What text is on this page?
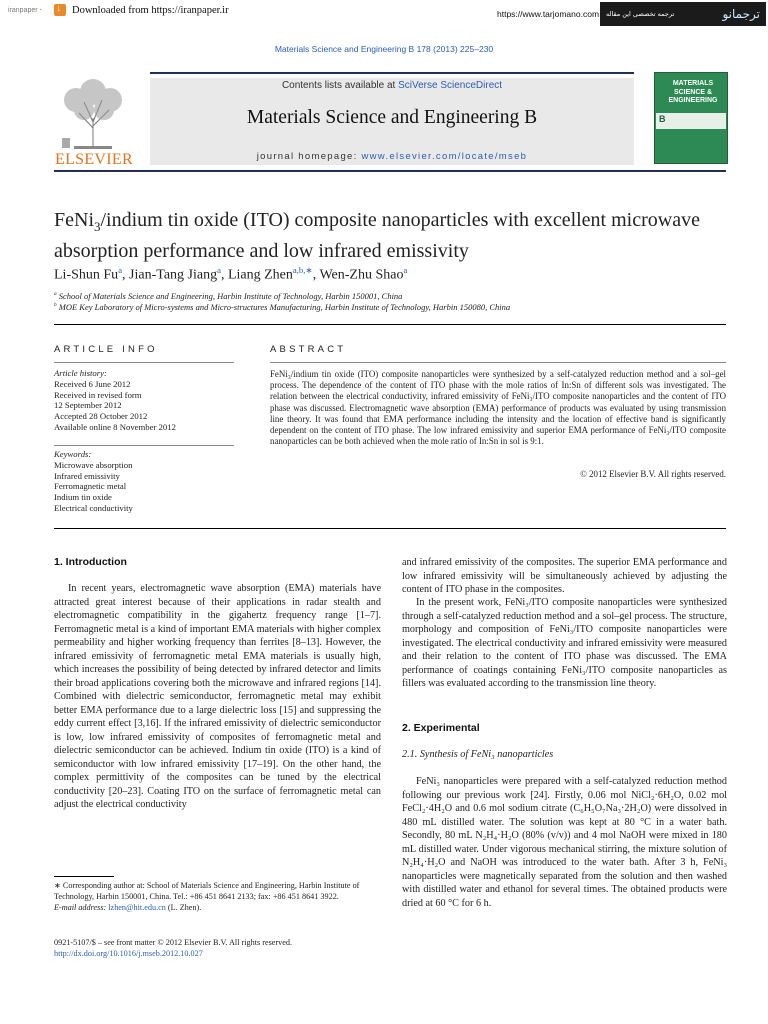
iranpaper ·
↓	Downloaded from https://iranpaper.ir	https://www.tarjomano.com ترجمه تخصصی این مقاله	ترجمانو
Materials Science and Engineering B 178 (2013) 225–230
ELSEVIER
Contents lists available at SciVerse ScienceDirect
Materials Science and Engineering B
journal homepage: www.elsevier.com/locate/mseb
MATERIALS SCIENCE & ENGINEERING
B
FeNi$_3$/indium tin oxide (ITO) composite nanoparticles with excellent microwave absorption performance and low infrared emissivity
Li-Shun Fu$^a$, Jian-Tang Jiang$^a$, Liang Zhen$^{a,b,∗}$, Wen-Zhu Shao$^a$
$^a$ School of Materials Science and Engineering, Harbin Institute of Technology, Harbin 150001, China
$^b$ MOE Key Laboratory of Micro-systems and Micro-structures Manufacturing, Harbin Institute of Technology, Harbin 150080, China
ARTICLE INFO
Article history:
Received 6 June 2012
Received in revised form
12 September 2012
Accepted 28 October 2012
Available online 8 November 2012
Keywords:
Microwave absorption
Infrared emissivity
Ferromagnetic metal
Indium tin oxide
Electrical conductivity
ABSTRACT
FeNi₃/indium tin oxide (ITO) composite nanoparticles were synthesized by a self-catalyzed reduction method and a sol–gel process. The dependence of the content of ITO phase with the mole ratios of In:Sn of different sols was investigated. The relation between the electrical conductivity, infrared emissivity of FeNi₃/ITO composite nanoparticles and the content of ITO phase was discussed. Electromagnetic wave absorption (EMA) performance of products was evaluated by using transmission line theory. It was found that EMA performance including the intensity and the location of effective band is significantly dependent on the content of ITO phase. The low infrared emissivity and superior EMA performance of FeNi₃/ITO composite nanoparticles can be both achieved when the mole ratio of In:Sn in sol is 9:1.
© 2012 Elsevier B.V. All rights reserved.
1. Introduction
In recent years, electromagnetic wave absorption (EMA) materials have attracted great interest because of their applications in radar stealth and electromagnetic compatibility in the gigahertz frequency range [1–7]. Ferromagnetic metal is a kind of important EMA materials with higher complex permeability and higher working frequency than ferrites [8–13]. However, the infrared emissivity of ferromagnetic metal EMA materials is usually high, which increases the possibility of being detected by infrared detector and limits their broad applications covering both the microwave and infrared regions [14]. Combined with dielectric semiconductor, ferromagnetic metal may exhibit better EMA performance due to a large dielectric loss [15] and suppressing the eddy current effect [3,16]. If the infrared emissivity of dielectric semiconductor is low, low infrared emissivity of composites of ferromagnetic metal and dielectric semiconductor can be achieved. Indium tin oxide (ITO) is a kind of semiconductor with low infrared emissivity [17–19]. On the other hand, the complex permittivity of the composites can be tuned by the electrical conductivity [20–23]. Coating ITO on the surface of ferromagnetic metal can adjust the electrical conductivity
∗ Corresponding author at: School of Materials Science and Engineering, Harbin Institute of Technology, Harbin 150001, China. Tel.: +86 451 8641 2133; fax: +86 451 8641 3922.
E-mail address: lzhen@hit.edu.cn (L. Zhen).
0921-5107/$ – see front matter © 2012 Elsevier B.V. All rights reserved.
http://dx.doi.org/10.1016/j.mseb.2012.10.027
and infrared emissivity of the composites. The superior EMA performance and low infrared emissivity will be simultaneously achieved by adjusting the content of ITO phase in the composites.
In the present work, FeNi₃/ITO composite nanoparticles were synthesized through a self-catalyzed reduction method and a sol–gel process. The structure, morphology and composition of FeNi₃/ITO composite nanoparticles were investigated. The electrical conductivity and infrared emissivity were measured and their relation to the content of ITO phase was discussed. The EMA performance of coatings containing FeNi₃/ITO composite nanoparticles as fillers was evaluated according to the transmission line theory.
2. Experimental
2.1. Synthesis of FeNi₃ nanoparticles
FeNi₃ nanoparticles were prepared with a self-catalyzed reduction method following our previous work [24]. Firstly, 0.06 mol NiCl₂·6H₂O, 0.02 mol FeCl₂·4H₂O and 0.6 mol sodium citrate (C₆H₅O₇Na₃·2H₂O) were dissolved in 480 mL distilled water. The solution was kept at 80 °C in a water bath. Secondly, 80 mL N₂H₄·H₂O (80% (v/v)) and 4 mol NaOH were mixed in 180 mL distilled water. Under vigorous mechanical stirring, the mixture solution of N₂H₄·H₂O and NaOH was introduced to the water bath. After 3 h, FeNi₃ nanoparticles were magnetically separated from the solution and then washed with distilled water and ethanol for several times. The obtained products were dried at 60 °C for 6 h.
